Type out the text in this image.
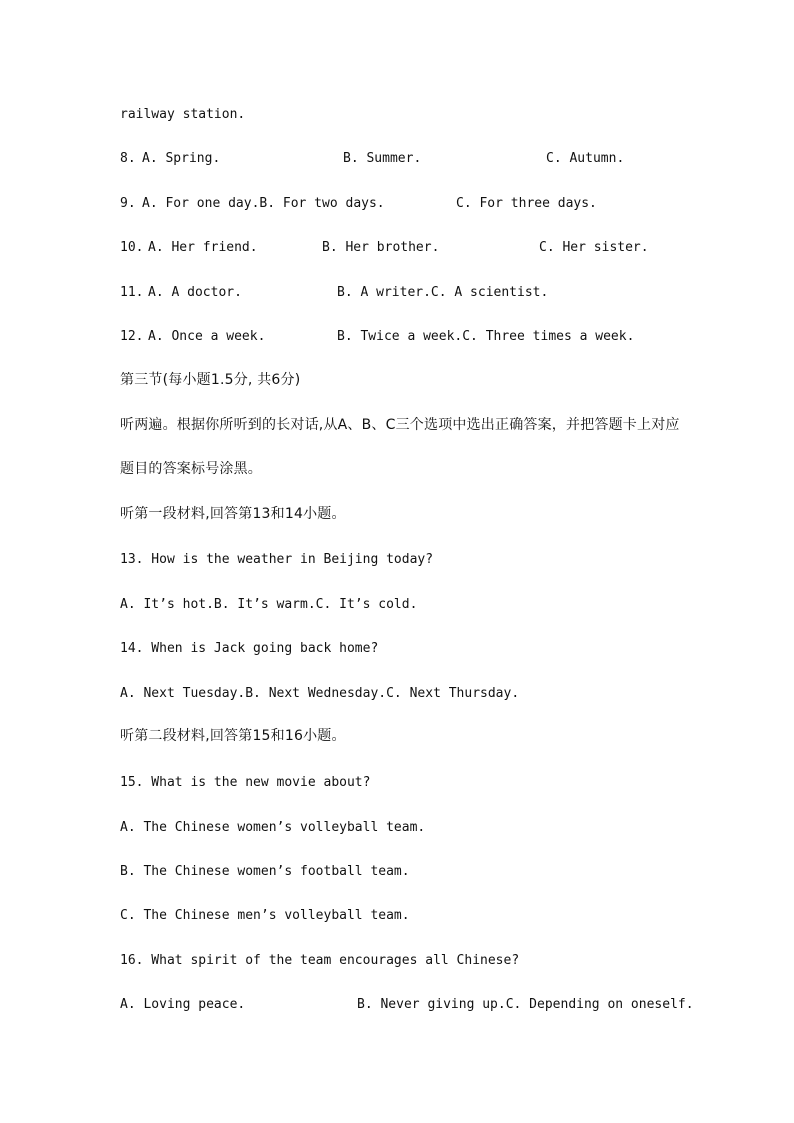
railway station.
8. A. Spring.	B. Summer.	C. Autumn.
9. A. For one day.B. For two days.	C. For three days.
10. A. Her friend.	B. Her brother.	C. Her sister.
11. A. A doctor.	B. A writer.C. A scientist.
12. A. Once a week.	B. Twice a week.C. Three times a week.
第三节(每小题1.5分, 共6分)
听两遍。根据你所听到的长对话,从A、B、C三个选项中选出正确答案，并把答题卡上对应
题目的答案标号涂黑。
听第一段材料,回答第13和14小题。
13. How is the weather in Beijing today?
A. It’s hot.B. It’s warm.C. It’s cold.
14. When is Jack going back home?
A. Next Tuesday.B. Next Wednesday.C. Next Thursday.
听第二段材料,回答第15和16小题。
15. What is the new movie about?
A. The Chinese women’s volleyball team.
B. The Chinese women’s football team.
C. The Chinese men’s volleyball team.
16. What spirit of the team encourages all Chinese?
A. Loving peace.	B. Never giving up.C. Depending on oneself.
